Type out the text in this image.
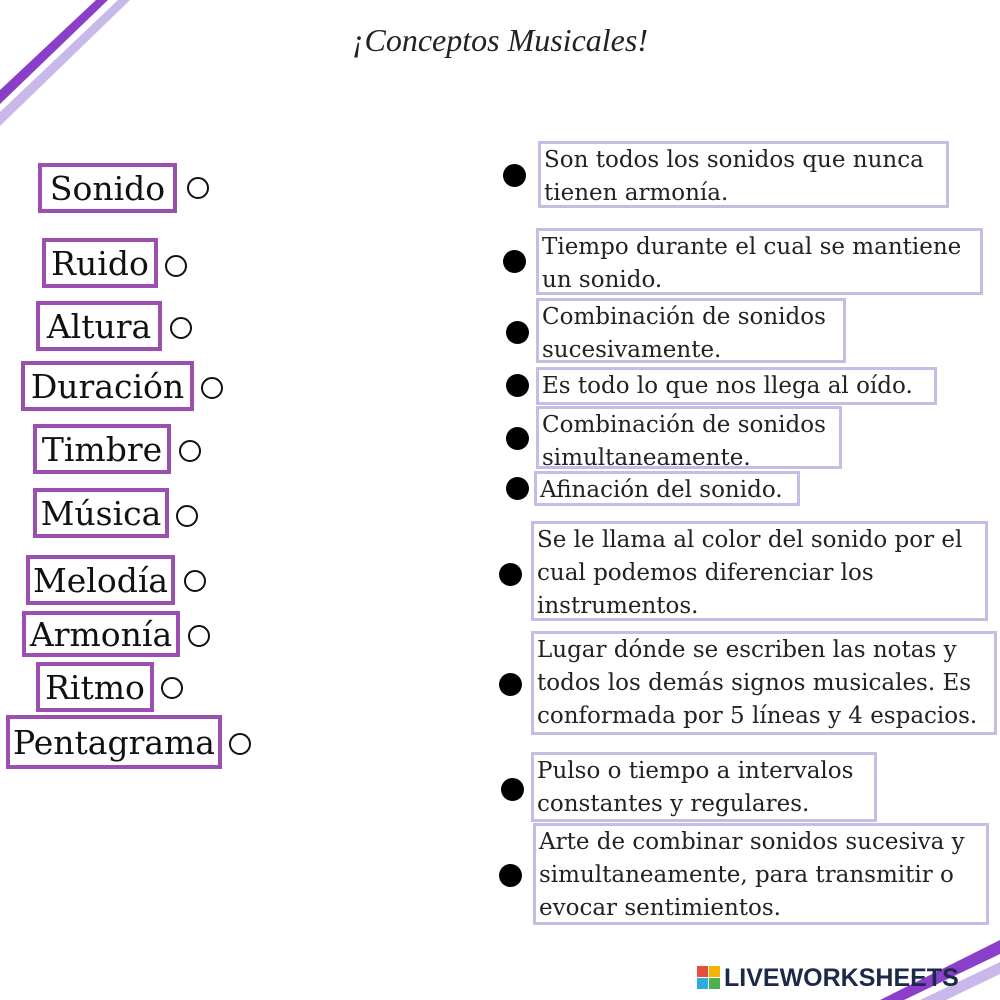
¡Conceptos Musicales!
Sonido
Ruido
Altura
Duración
Timbre
Música
Melodía
Armonía
Ritmo
Pentagrama
Son todos los sonidos que nunca
tienen armonía.
Tiempo durante el cual se mantiene
un sonido.
Combinación de sonidos
sucesivamente.
Es todo lo que nos llega al oído.
Combinación de sonidos
simultaneamente.
Afinación del sonido.
Se le llama al color del sonido por el
cual podemos diferenciar los
instrumentos.
Lugar dónde se escriben las notas y
todos los demás signos musicales. Es
conformada por 5 líneas y 4 espacios.
Pulso o tiempo a intervalos
constantes y regulares.
Arte de combinar sonidos sucesiva y
simultaneamente, para transmitir o
evocar sentimientos.
LIVEWORKSHEETS
